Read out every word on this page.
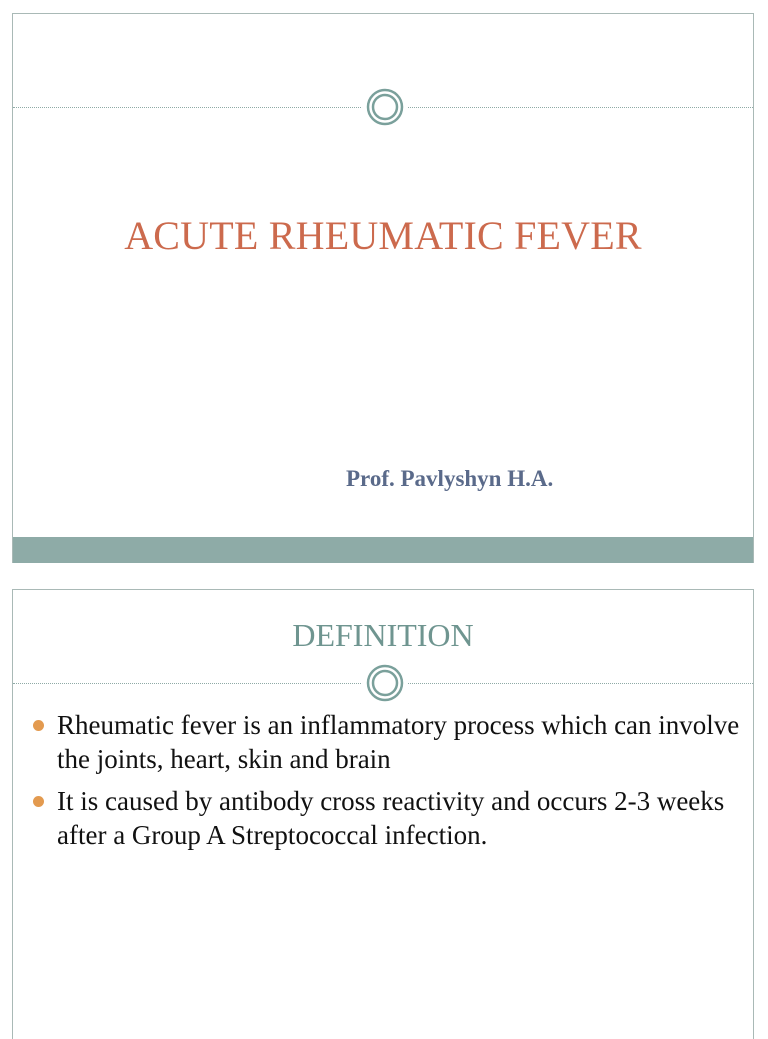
ACUTE RHEUMATIC FEVER

Prof. Pavlyshyn H.A.

DEFINITION
Rheumatic fever is an inflammatory process which can involve the joints, heart, skin and brain
It is caused by antibody cross reactivity and occurs 2-3 weeks after a Group A Streptococcal infection.
